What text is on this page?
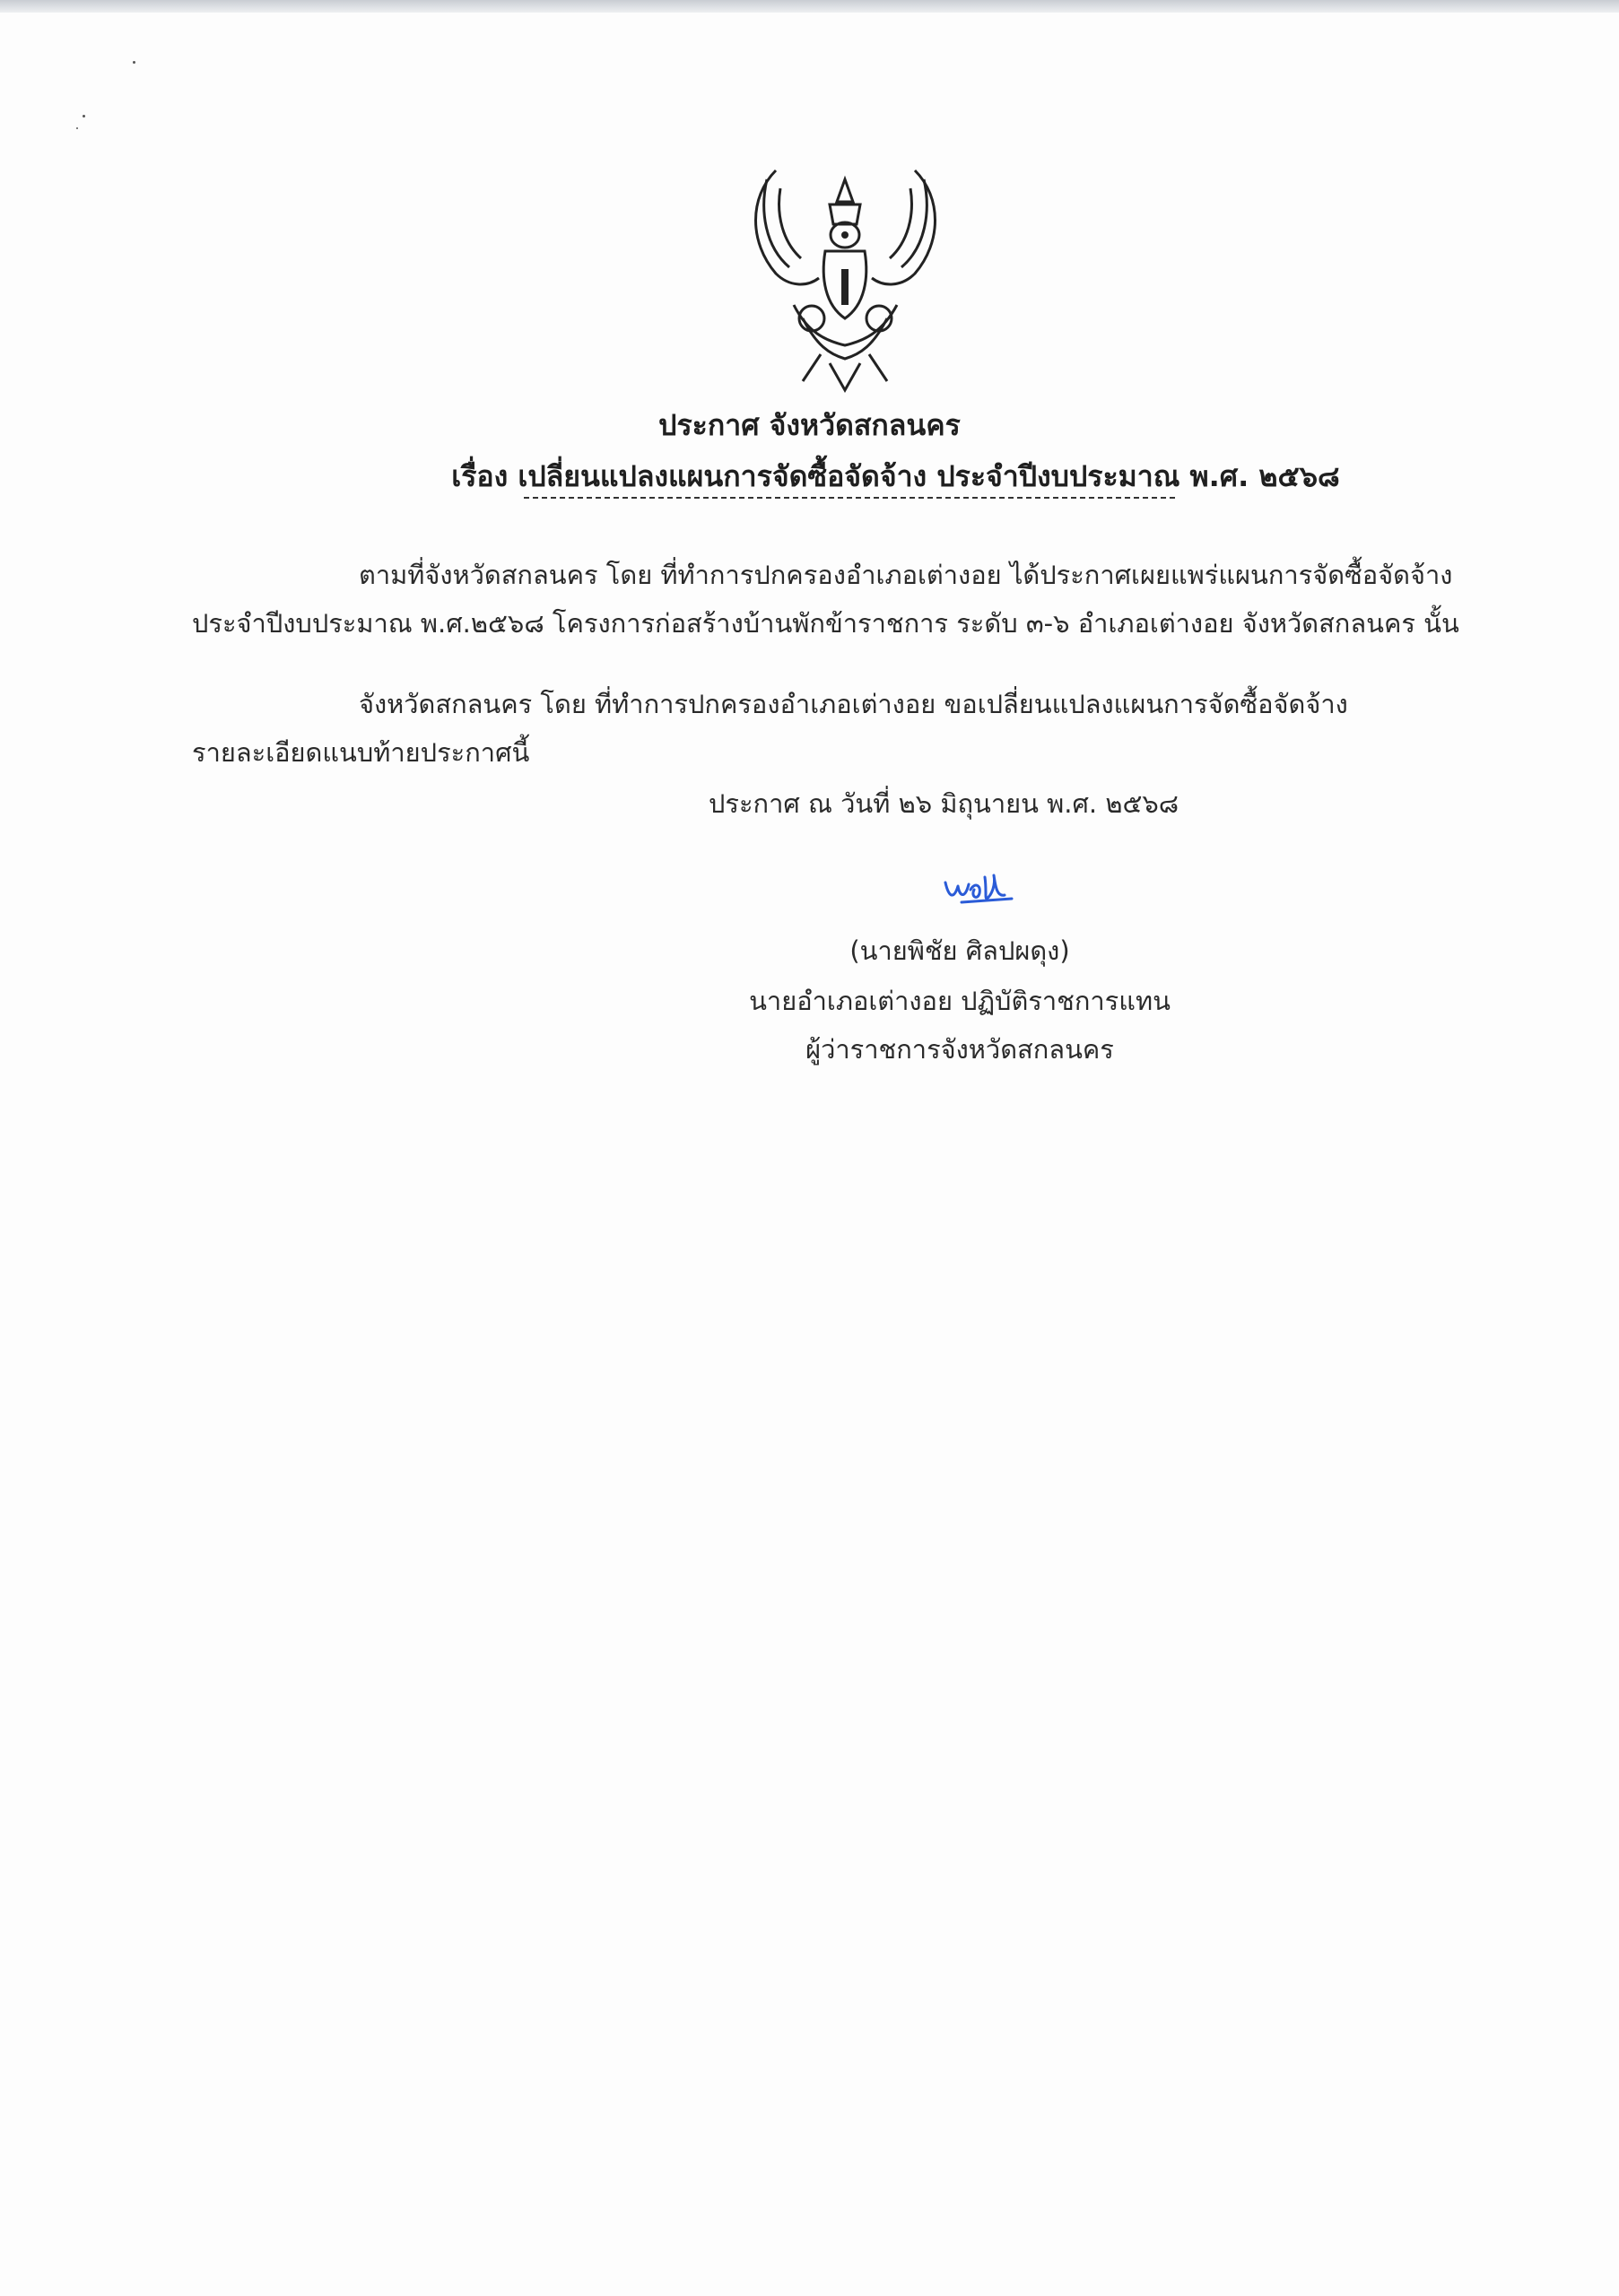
ประกาศ จังหวัดสกลนคร
เรื่อง เปลี่ยนแปลงแผนการจัดซื้อจัดจ้าง ประจำปีงบประมาณ พ.ศ. ๒๕๖๘
ตามที่จังหวัดสกลนคร โดย ที่ทำการปกครองอำเภอเต่างอย ได้ประกาศเผยแพร่แผนการจัดซื้อจัดจ้าง
ประจำปีงบประมาณ พ.ศ.๒๕๖๘ โครงการก่อสร้างบ้านพักข้าราชการ ระดับ ๓-๖ อำเภอเต่างอย จังหวัดสกลนคร นั้น
จังหวัดสกลนคร โดย ที่ทำการปกครองอำเภอเต่างอย ขอเปลี่ยนแปลงแผนการจัดซื้อจัดจ้าง
รายละเอียดแนบท้ายประกาศนี้
ประกาศ ณ วันที่ ๒๖ มิถุนายน พ.ศ. ๒๕๖๘
(นายพิชัย ศิลปผดุง)
นายอำเภอเต่างอย ปฏิบัติราชการแทน
ผู้ว่าราชการจังหวัดสกลนคร
